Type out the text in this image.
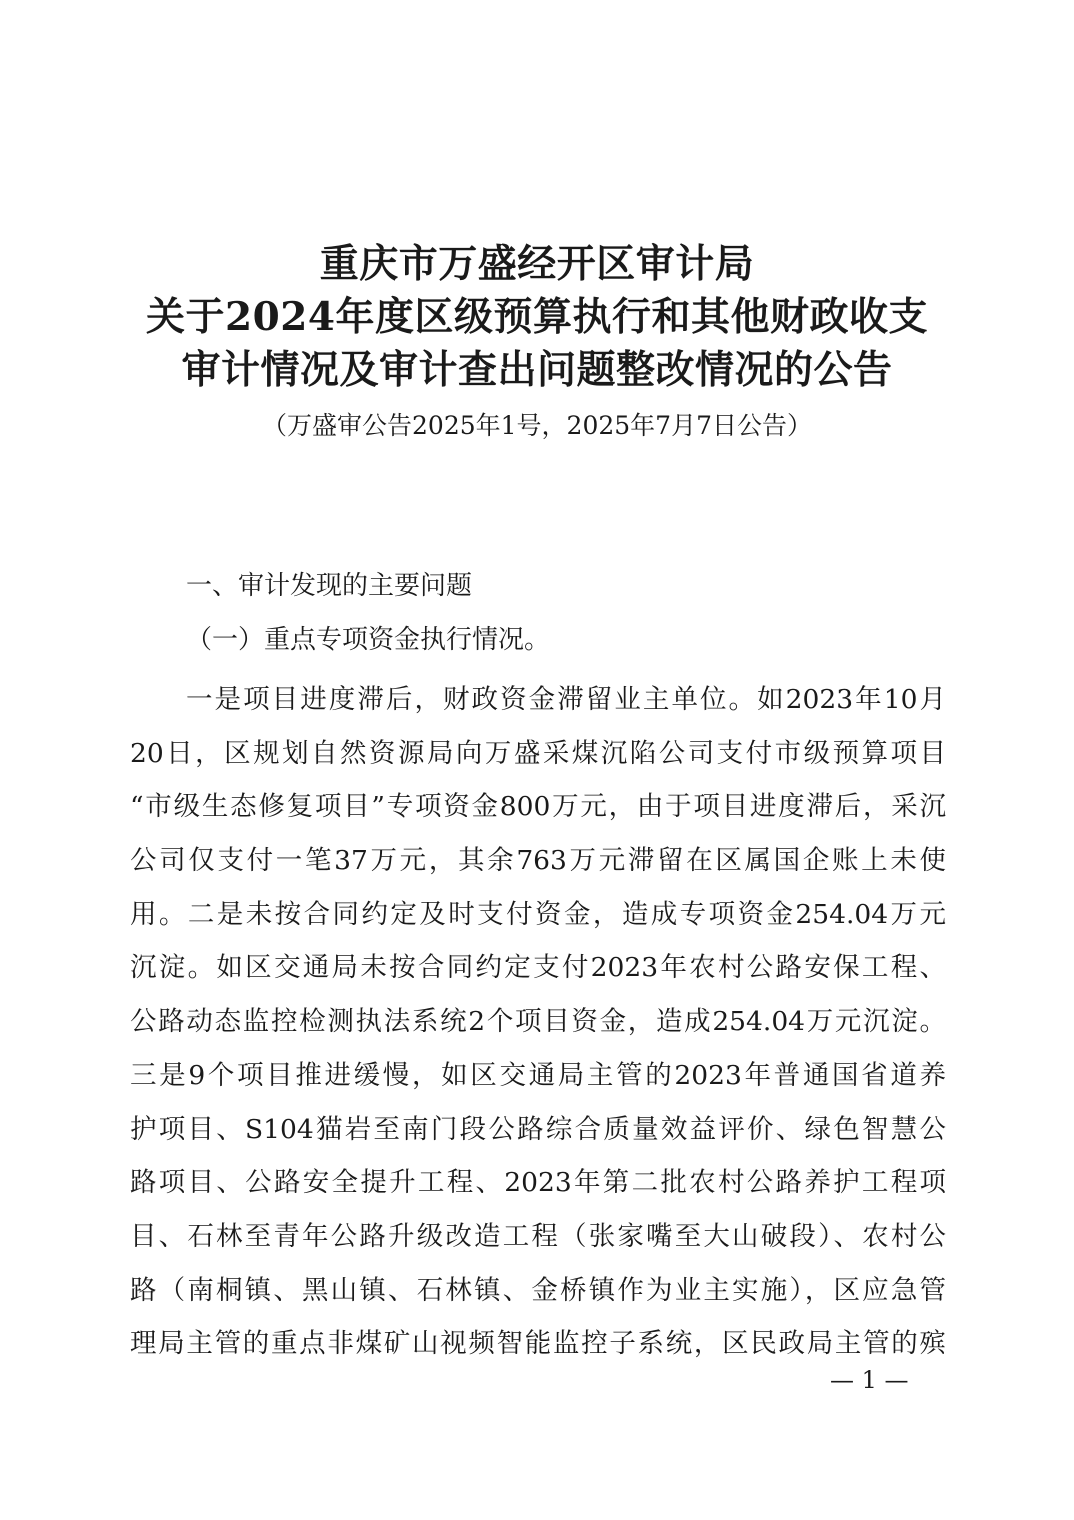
重庆市万盛经开区审计局
关于2024年度区级预算执行和其他财政收支
审计情况及审计查出问题整改情况的公告
（万盛审公告2025年1号，2025年7月7日公告）
一、审计发现的主要问题
（一）重点专项资金执行情况。
一是项目进度滞后，财政资金滞留业主单位。如2023年10月
20日，区规划自然资源局向万盛采煤沉陷公司支付市级预算项目
“市级生态修复项目”专项资金800万元，由于项目进度滞后，采沉
公司仅支付一笔37万元，其余763万元滞留在区属国企账上未使
用。二是未按合同约定及时支付资金，造成专项资金254.04万元
沉淀。如区交通局未按合同约定支付2023年农村公路安保工程、
公路动态监控检测执法系统2个项目资金，造成254.04万元沉淀。
三是9个项目推进缓慢，如区交通局主管的2023年普通国省道养
护项目、S104猫岩至南门段公路综合质量效益评价、绿色智慧公
路项目、公路安全提升工程、2023年第二批农村公路养护工程项
目、石林至青年公路升级改造工程（张家嘴至大山破段）、农村公
路（南桐镇、黑山镇、石林镇、金桥镇作为业主实施），区应急管
理局主管的重点非煤矿山视频智能监控子系统，区民政局主管的殡
— 1 —
